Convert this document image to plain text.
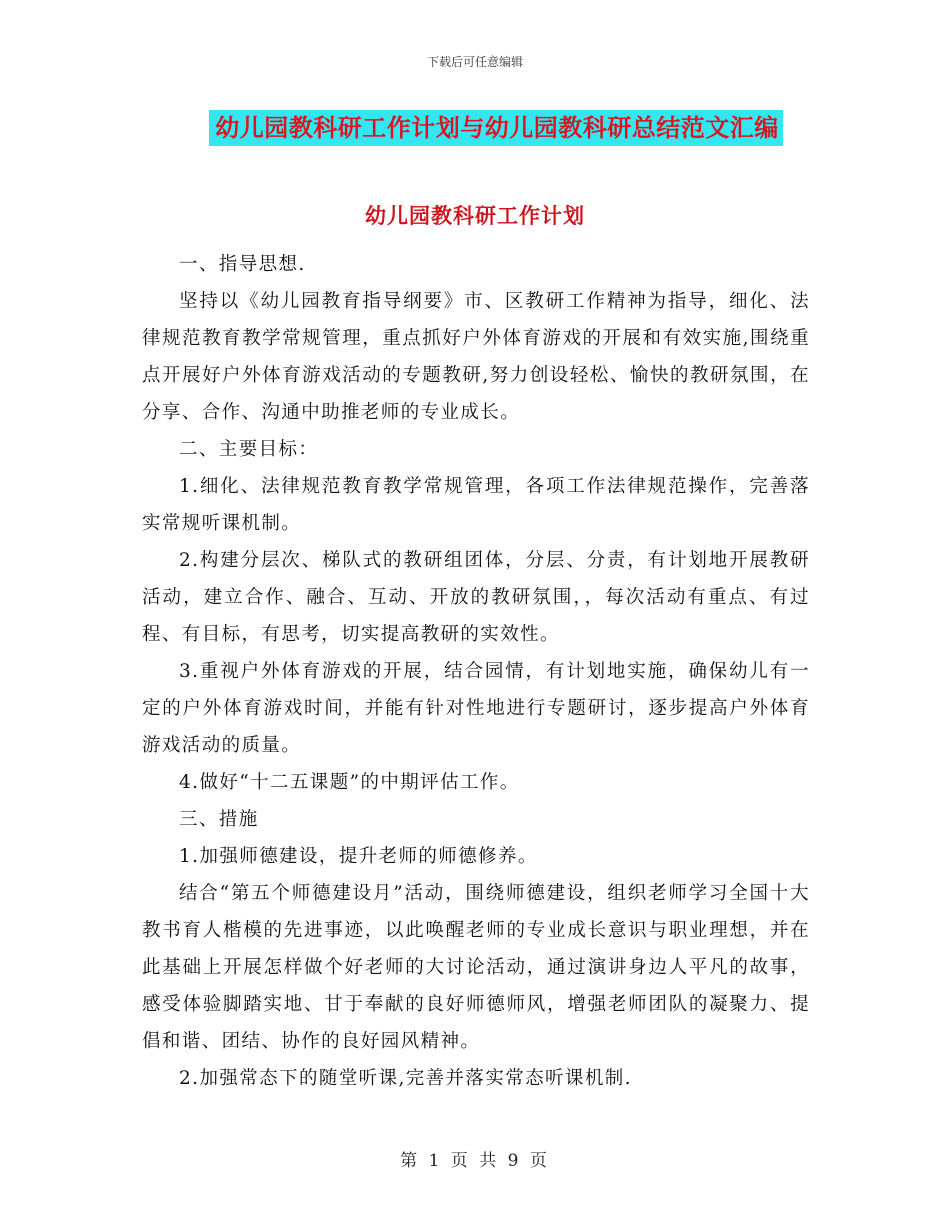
下载后可任意编辑
幼儿园教科研工作计划与幼儿园教科研总结范文汇编
幼儿园教科研工作计划

一、指导思想.

坚持以《幼儿园教育指导纲要》市、区教研工作精神为指导，细化、法律规范教育教学常规管理，重点抓好户外体育游戏的开展和有效实施,围绕重点开展好户外体育游戏活动的专题教研,努力创设轻松、愉快的教研氛围，在分享、合作、沟通中助推老师的专业成长。

二、主要目标：

1.细化、法律规范教育教学常规管理，各项工作法律规范操作，完善落实常规听课机制。

2.构建分层次、梯队式的教研组团体，分层、分责，有计划地开展教研活动，建立合作、融合、互动、开放的教研氛围，，每次活动有重点、有过程、有目标，有思考，切实提高教研的实效性。

3.重视户外体育游戏的开展，结合园情，有计划地实施，确保幼儿有一定的户外体育游戏时间，并能有针对性地进行专题研讨，逐步提高户外体育游戏活动的质量。

4.做好“十二五课题”的中期评估工作。

三、措施

1.加强师德建设，提升老师的师德修养。

结合“第五个师德建设月”活动，围绕师德建设，组织老师学习全国十大教书育人楷模的先进事迹，以此唤醒老师的专业成长意识与职业理想，并在此基础上开展怎样做个好老师的大讨论活动，通过演讲身边人平凡的故事，感受体验脚踏实地、甘于奉献的良好师德师风，增强老师团队的凝聚力、提倡和谐、团结、协作的良好园风精神。

2.加强常态下的随堂听课,完善并落实常态听课机制.

第 1 页 共 9 页
